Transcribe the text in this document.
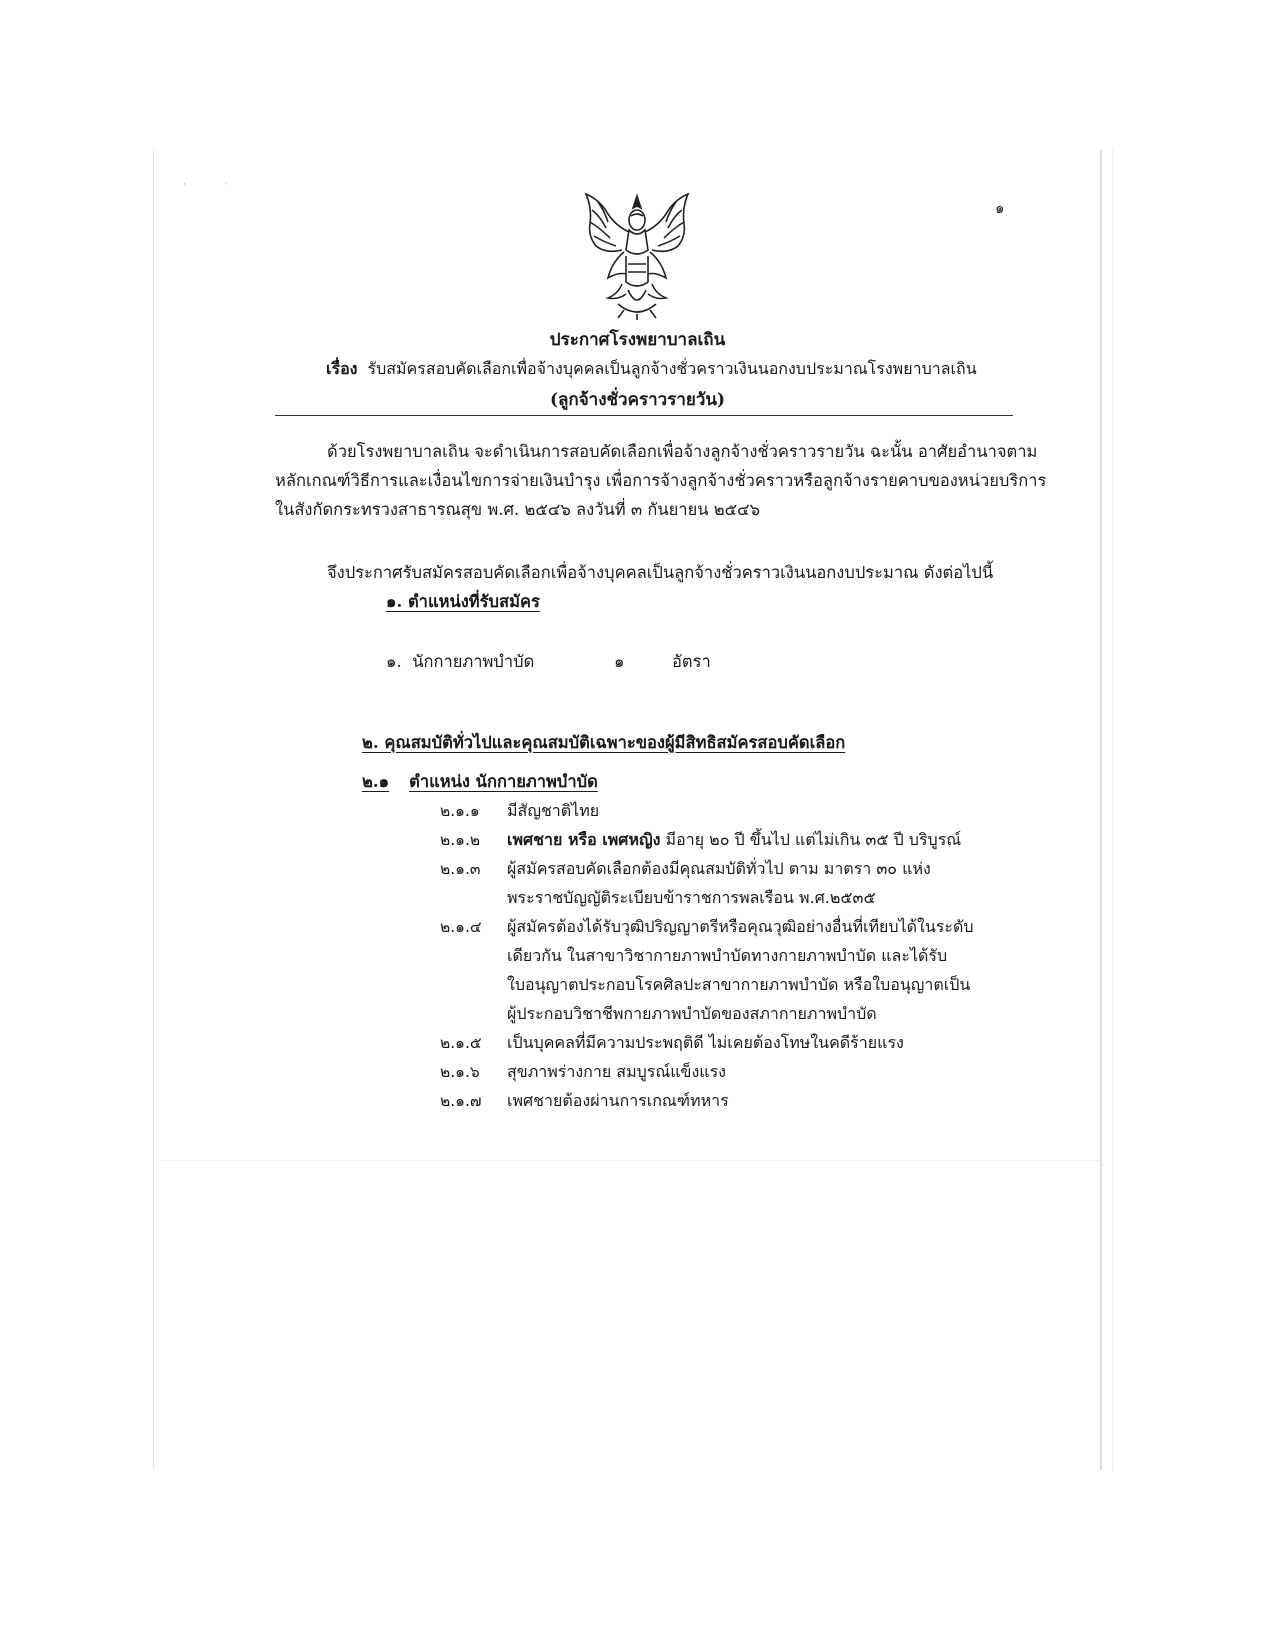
· ·
๑
ประกาศโรงพยาบาลเถิน
เรื่อง รับสมัครสอบคัดเลือกเพื่อจ้างบุคคลเป็นลูกจ้างชั่วคราวเงินนอกงบประมาณโรงพยาบาลเถิน
(ลูกจ้างชั่วคราวรายวัน)
ด้วยโรงพยาบาลเถิน จะดำเนินการสอบคัดเลือกเพื่อจ้างลูกจ้างชั่วคราวรายวัน ฉะนั้น อาศัยอำนาจตาม
หลักเกณฑ์วิธีการและเงื่อนไขการจ่ายเงินบำรุง เพื่อการจ้างลูกจ้างชั่วคราวหรือลูกจ้างรายคาบของหน่วยบริการ
ในสังกัดกระทรวงสาธารณสุข พ.ศ. ๒๕๔๖ ลงวันที่ ๓ กันยายน ๒๕๔๖
จึงประกาศรับสมัครสอบคัดเลือกเพื่อจ้างบุคคลเป็นลูกจ้างชั่วคราวเงินนอกงบประมาณ ดังต่อไปนี้
๑. ตำแหน่งที่รับสมัคร
๑. นักกายภาพบำบัด	๑	อัตรา
๒. คุณสมบัติทั่วไปและคุณสมบัติเฉพาะของผู้มีสิทธิสมัครสอบคัดเลือก
๒.๑ ตำแหน่ง นักกายภาพบำบัด
๒.๑.๑ มีสัญชาติไทย
๒.๑.๒ เพศชาย หรือ เพศหญิง มีอายุ ๒๐ ปี ขึ้นไป แต่ไม่เกิน ๓๕ ปี บริบูรณ์
๒.๑.๓ ผู้สมัครสอบคัดเลือกต้องมีคุณสมบัติทั่วไป ตาม มาตรา ๓๐ แห่ง
พระราชบัญญัติระเบียบข้าราชการพลเรือน พ.ศ.๒๕๓๕
๒.๑.๔ ผู้สมัครต้องได้รับวุฒิปริญญาตรีหรือคุณวุฒิอย่างอื่นที่เทียบได้ในระดับ
เดียวกัน ในสาขาวิชากายภาพบำบัดทางกายภาพบำบัด และได้รับ
ใบอนุญาตประกอบโรคศิลปะสาขากายภาพบำบัด หรือใบอนุญาตเป็น
ผู้ประกอบวิชาชีพกายภาพบำบัดของสภากายภาพบำบัด
๒.๑.๕ เป็นบุคคลที่มีความประพฤติดี ไม่เคยต้องโทษในคดีร้ายแรง
๒.๑.๖ สุขภาพร่างกาย สมบูรณ์แข็งแรง
๒.๑.๗ เพศชายต้องผ่านการเกณฑ์ทหาร
